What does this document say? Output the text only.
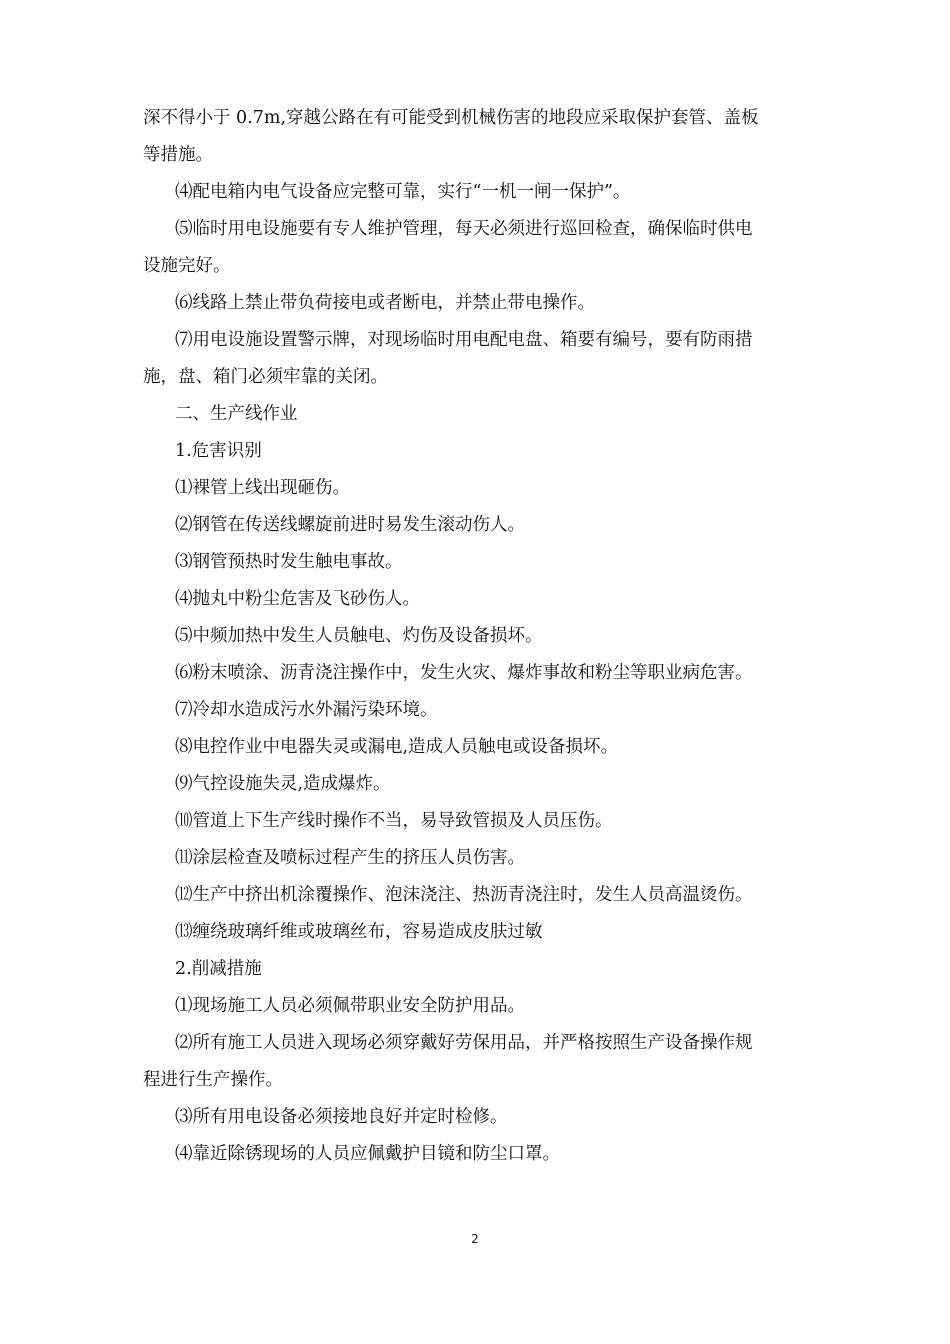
深不得小于 0.7m,穿越公路在有可能受到机械伤害的地段应采取保护套管、盖板
等措施。
⑷配电箱内电气设备应完整可靠，实行“一机一闸一保护”。
⑸临时用电设施要有专人维护管理，每天必须进行巡回检查，确保临时供电
设施完好。
⑹线路上禁止带负荷接电或者断电，并禁止带电操作。
⑺用电设施设置警示牌，对现场临时用电配电盘、箱要有编号，要有防雨措
施，盘、箱门必须牢靠的关闭。
二、生产线作业
1.危害识别
⑴裸管上线出现砸伤。
⑵钢管在传送线螺旋前进时易发生滚动伤人。
⑶钢管预热时发生触电事故。
⑷抛丸中粉尘危害及飞砂伤人。
⑸中频加热中发生人员触电、灼伤及设备损坏。
⑹粉末喷涂、沥青浇注操作中，发生火灾、爆炸事故和粉尘等职业病危害。
⑺冷却水造成污水外漏污染环境。
⑻电控作业中电器失灵或漏电,造成人员触电或设备损坏。
⑼气控设施失灵,造成爆炸。
⑽管道上下生产线时操作不当，易导致管损及人员压伤。
⑾涂层检查及喷标过程产生的挤压人员伤害。
⑿生产中挤出机涂覆操作、泡沫浇注、热沥青浇注时，发生人员高温烫伤。
⒀缠绕玻璃纤维或玻璃丝布，容易造成皮肤过敏
2.削减措施
⑴现场施工人员必须佩带职业安全防护用品。
⑵所有施工人员进入现场必须穿戴好劳保用品，并严格按照生产设备操作规
程进行生产操作。
⑶所有用电设备必须接地良好并定时检修。
⑷靠近除锈现场的人员应佩戴护目镜和防尘口罩。
2
